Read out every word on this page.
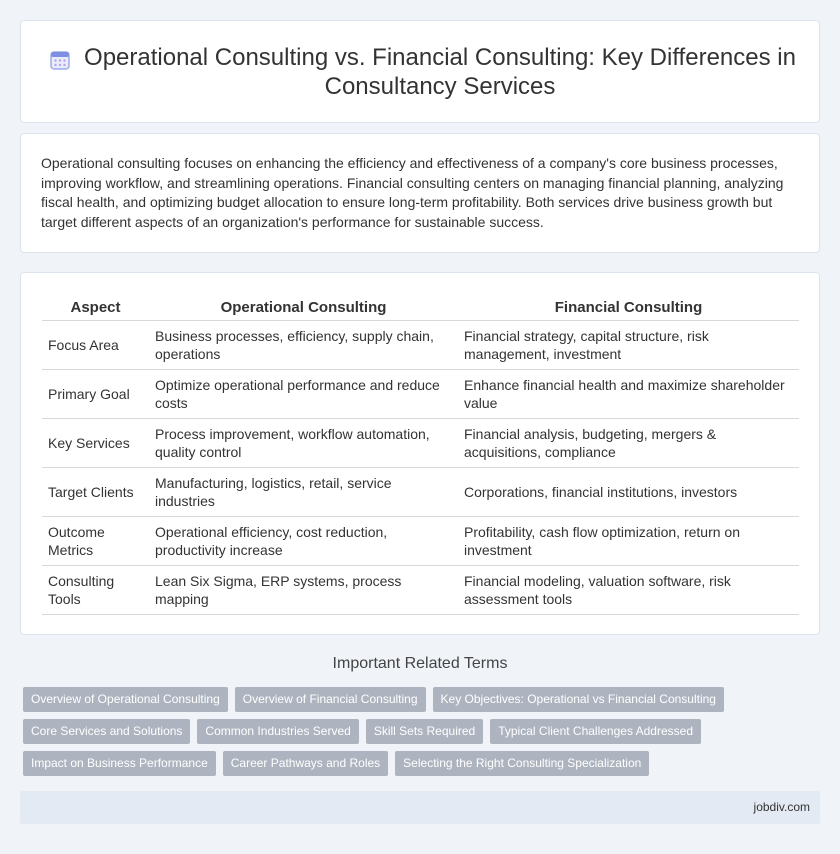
Operational Consulting vs. Financial Consulting: Key Differences in Consultancy Services

Operational consulting focuses on enhancing the efficiency and effectiveness of a company's core business processes, improving workflow, and streamlining operations. Financial consulting centers on managing financial planning, analyzing fiscal health, and optimizing budget allocation to ensure long-term profitability. Both services drive business growth but target different aspects of an organization's performance for sustainable success.

Aspect	Operational Consulting	Financial Consulting
Focus Area	Business processes, efficiency, supply chain, operations	Financial strategy, capital structure, risk management, investment
Primary Goal	Optimize operational performance and reduce costs	Enhance financial health and maximize shareholder value
Key Services	Process improvement, workflow automation, quality control	Financial analysis, budgeting, mergers & acquisitions, compliance
Target Clients	Manufacturing, logistics, retail, service industries	Corporations, financial institutions, investors
Outcome Metrics	Operational efficiency, cost reduction, productivity increase	Profitability, cash flow optimization, return on investment
Consulting Tools	Lean Six Sigma, ERP systems, process mapping	Financial modeling, valuation software, risk assessment tools
Important Related Terms
Overview of Operational Consulting	Overview of Financial Consulting	Key Objectives: Operational vs Financial Consulting
Core Services and Solutions	Common Industries Served	Skill Sets Required	Typical Client Challenges Addressed
Impact on Business Performance	Career Pathways and Roles	Selecting the Right Consulting Specialization
jobdiv.com
